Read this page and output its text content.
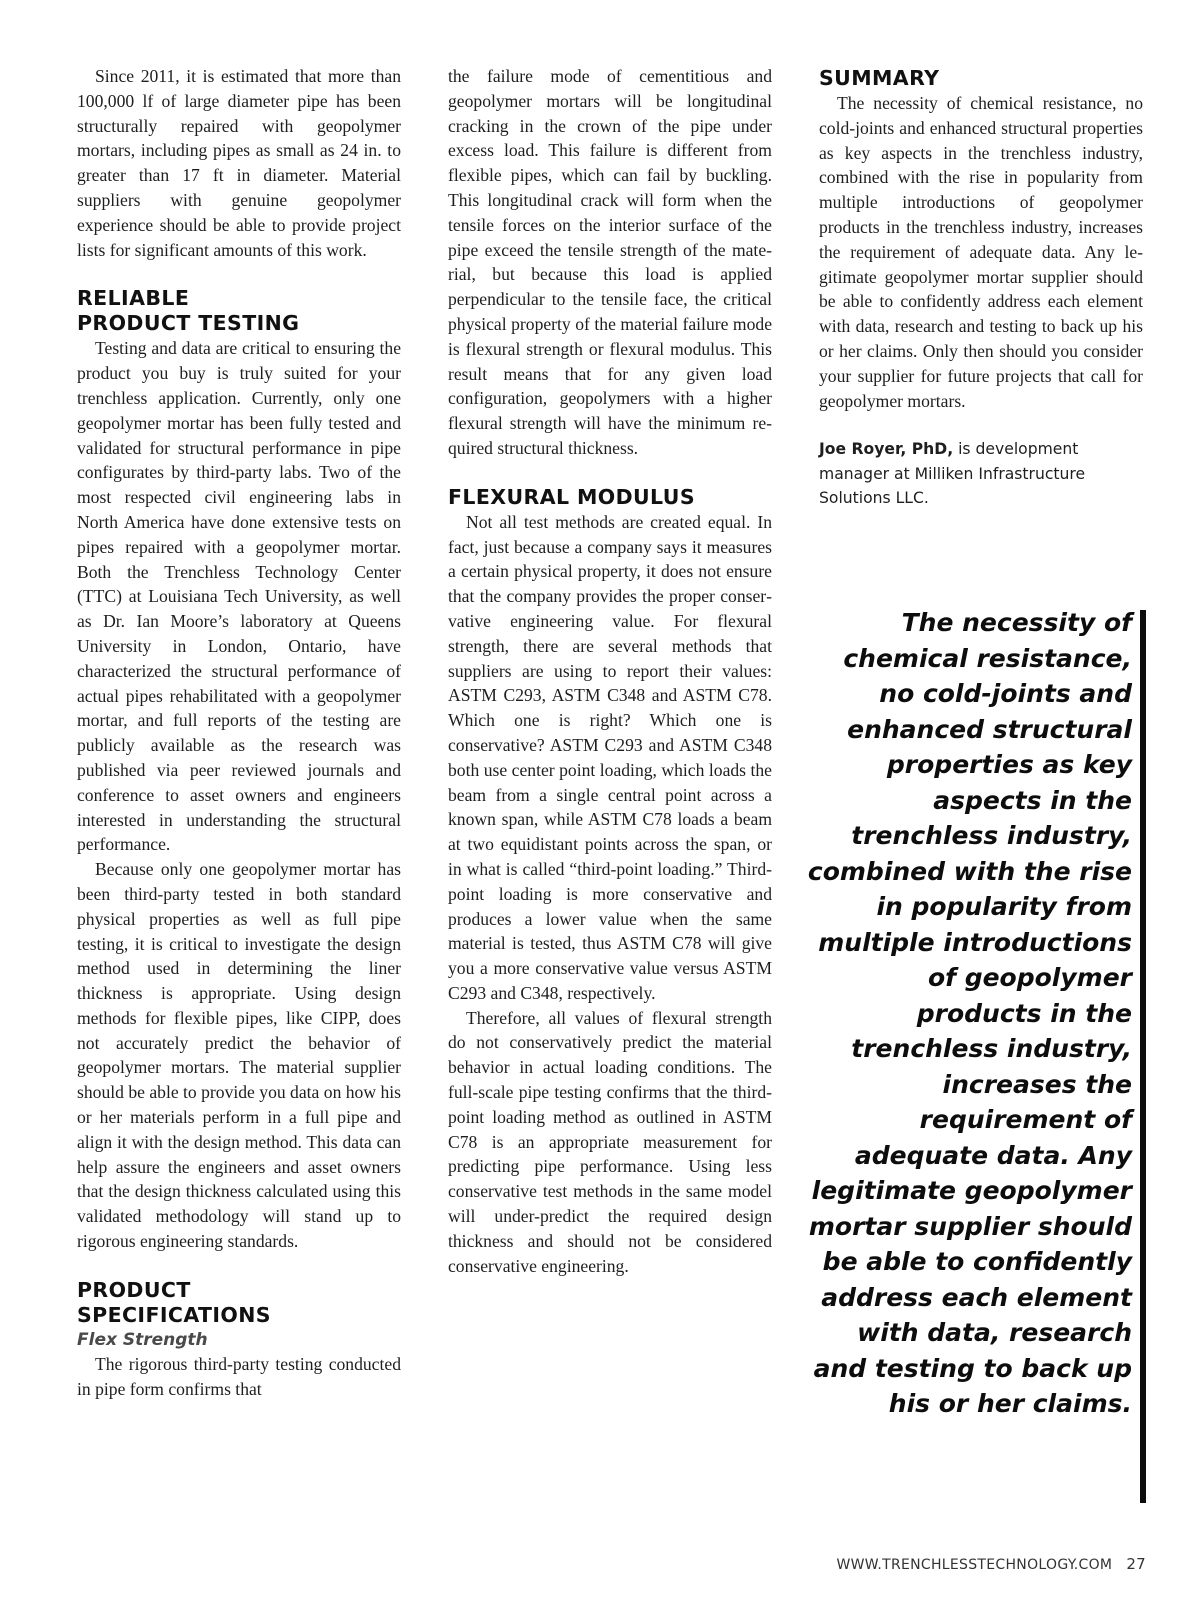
Since 2011, it is estimated that more than 100,000 lf of large diameter pipe has been structurally repaired with geopolymer mortars, including pipes as small as 24 in. to greater than 17 ft in diameter. Material suppliers with genuine geopolymer experience should be able to provide project lists for significant amounts of this work.

RELIABLE
PRODUCT TESTING

Testing and data are critical to ensuring the product you buy is truly suited for your trenchless application. Currently, only one geopolymer mortar has been fully tested and validated for structural performance in pipe configurates by third-party labs. Two of the most respected civil engineering labs in North America have done extensive tests on pipes repaired with a geopolymer mortar. Both the Trenchless Technology Center (TTC) at Louisiana Tech University, as well as Dr. Ian Moore’s laboratory at Queens University in London, Ontario, have characterized the structural performance of actual pipes rehabilitated with a geopolymer mortar, and full reports of the testing are publicly available as the research was published via peer reviewed journals and conference to asset owners and engineers interested in understanding the structural performance.

Because only one geopolymer mortar has been third-party tested in both standard physical properties as well as full pipe testing, it is critical to investigate the design method used in determining the liner thickness is appropriate. Using design methods for flexible pipes, like CIPP, does not accurately predict the behavior of geopolymer mortars. The material supplier should be able to provide you data on how his or her materials perform in a full pipe and align it with the design method. This data can help assure the engineers and asset owners that the design thickness calculated using this validated methodology will stand up to rigorous engineering standards.

PRODUCT
SPECIFICATIONS
Flex Strength

The rigorous third-party testing conducted in pipe form confirms that

the failure mode of cementitious and geopolymer mortars will be longitudinal cracking in the crown of the pipe under excess load. This failure is different from flexible pipes, which can fail by buckling. This longitudinal crack will form when the tensile forces on the interior surface of the pipe exceed the tensile strength of the material, but because this load is applied perpendicular to the tensile face, the critical physical property of the material failure mode is flexural strength or flexural modulus. This result means that for any given load configuration, geopolymers with a higher flexural strength will have the minimum required structural thickness.

FLEXURAL MODULUS

Not all test methods are created equal. In fact, just because a company says it measures a certain physical property, it does not ensure that the company provides the proper conservative engineering value. For flexural strength, there are several methods that suppliers are using to report their values: ASTM C293, ASTM C348 and ASTM C78. Which one is right? Which one is conservative? ASTM C293 and ASTM C348 both use center point loading, which loads the beam from a single central point across a known span, while ASTM C78 loads a beam at two equidistant points across the span, or in what is called “third-point loading.” Third-point loading is more conservative and produces a lower value when the same material is tested, thus ASTM C78 will give you a more conservative value versus ASTM C293 and C348, respectively.

Therefore, all values of flexural strength do not conservatively predict the material behavior in actual loading conditions. The full-scale pipe testing confirms that the third-point loading method as outlined in ASTM C78 is an appropriate measurement for predicting pipe performance. Using less conservative test methods in the same model will under-predict the required design thickness and should not be considered conservative engineering.

SUMMARY

The necessity of chemical resistance, no cold-joints and enhanced structural properties as key aspects in the trenchless industry, combined with the rise in popularity from multiple introductions of geopolymer products in the trenchless industry, increases the requirement of adequate data. Any legitimate geopolymer mortar supplier should be able to confidently address each element with data, research and testing to back up his or her claims. Only then should you consider your supplier for future projects that call for geopolymer mortars.

Joe Royer, PhD, is development manager at Milliken Infrastructure Solutions LLC.
The necessity of chemical resistance, no cold-joints and enhanced structural properties as key aspects in the trenchless industry, combined with the rise in popularity from multiple introductions of geopolymer products in the trenchless industry, increases the requirement of adequate data. Any legitimate geopolymer mortar supplier should be able to confidently address each element with data, research and testing to back up his or her claims.
WWW.TRENCHLESSTECHNOLOGY.COM 27
